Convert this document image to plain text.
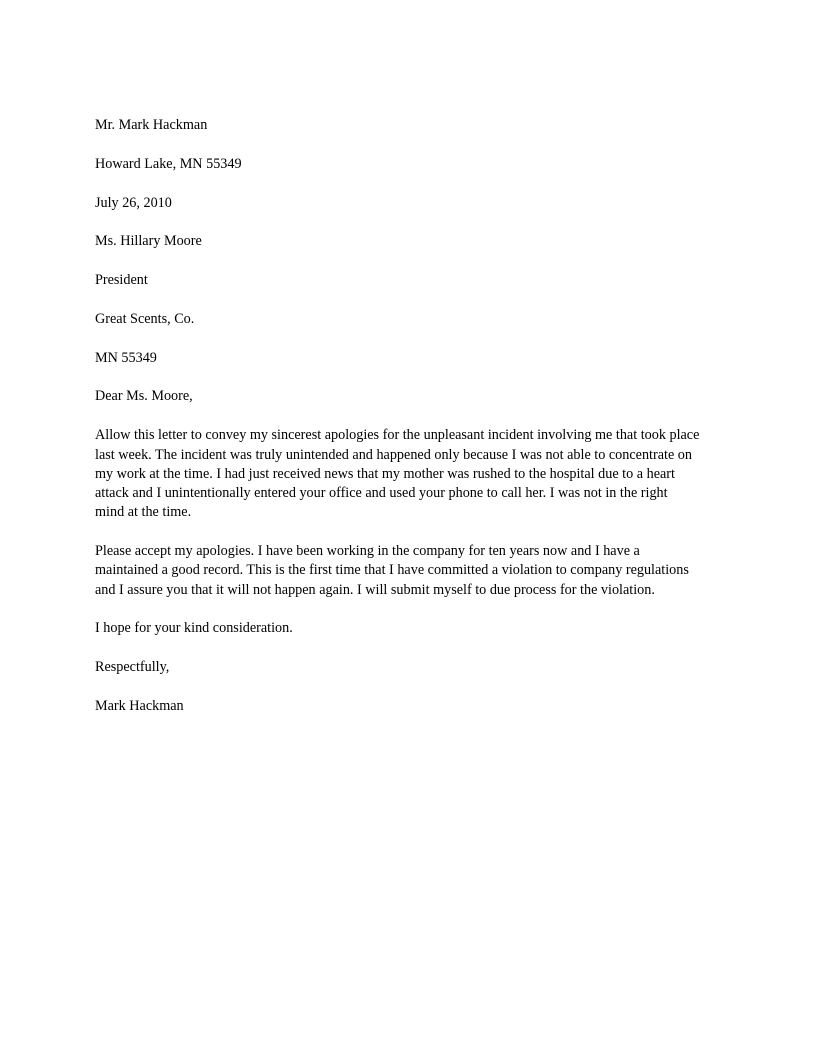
Mr. Mark Hackman
Howard Lake, MN 55349
July 26, 2010
Ms. Hillary Moore
President
Great Scents, Co.
MN 55349
Dear Ms. Moore,
Allow this letter to convey my sincerest apologies for the unpleasant incident involving me that took place
last week. The incident was truly unintended and happened only because I was not able to concentrate on
my work at the time. I had just received news that my mother was rushed to the hospital due to a heart
attack and I unintentionally entered your office and used your phone to call her. I was not in the right
mind at the time.
Please accept my apologies. I have been working in the company for ten years now and I have a
maintained a good record. This is the first time that I have committed a violation to company regulations
and I assure you that it will not happen again. I will submit myself to due process for the violation.
I hope for your kind consideration.
Respectfully,
Mark Hackman
